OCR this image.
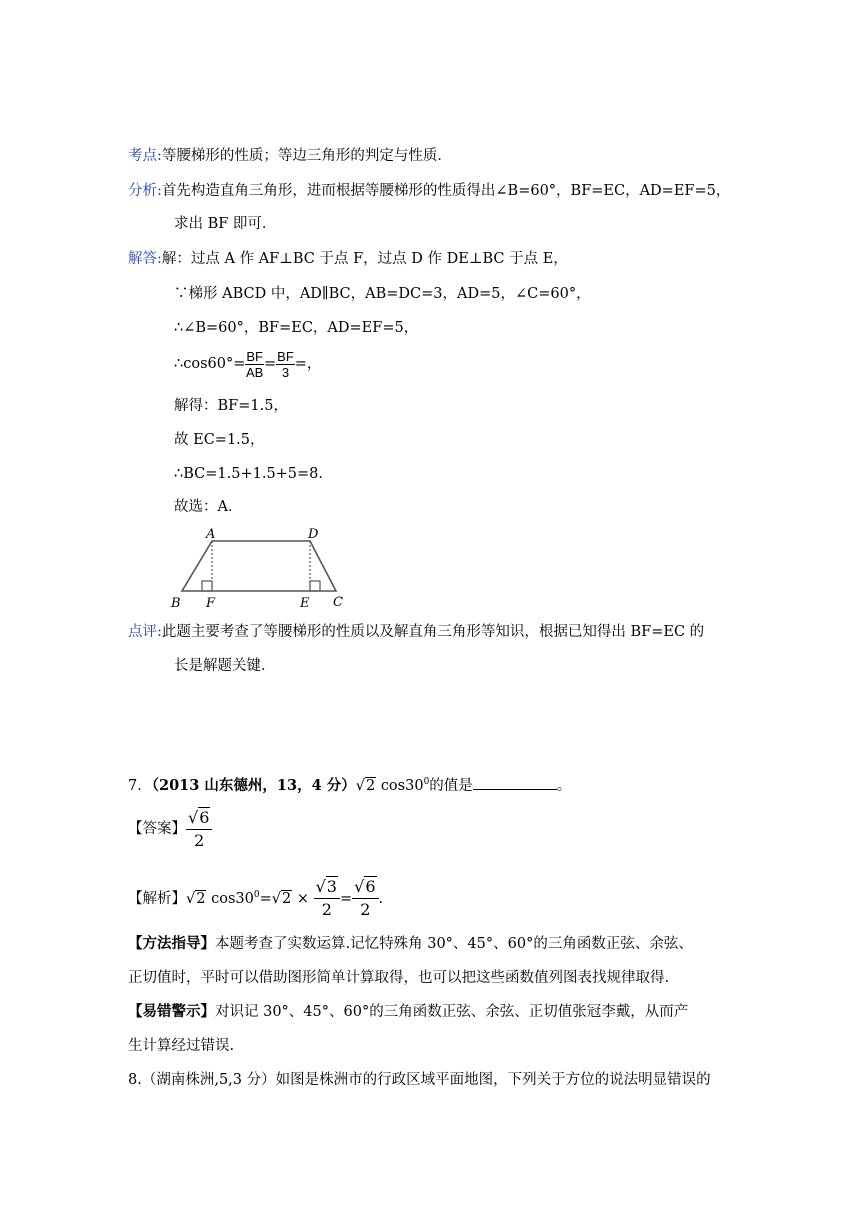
考点:等腰梯形的性质；等边三角形的判定与性质．
分析:首先构造直角三角形，进而根据等腰梯形的性质得出∠B=60°，BF=EC，AD=EF=5，
求出 BF 即可．
解答:解：过点 A 作 AF⊥BC 于点 F，过点 D 作 DE⊥BC 于点 E，
∵梯形 ABCD 中，AD∥BC，AB=DC=3，AD=5，∠C=60°，
∴∠B=60°，BF=EC，AD=EF=5，
∴cos60°= $\frac{BF}{AB} = \frac{BF}{3}$ =，
解得：BF=1.5，
故 EC=1.5，
∴BC=1.5+1.5+5=8．
故选：A．
A	D
B F	E C
点评:此题主要考查了等腰梯形的性质以及解直角三角形等知识，根据已知得出 BF=EC 的
长是解题关键．
7．（2013 山东德州，13，4 分）√2 $\cos 30^0$的值是	。
【答案】 $\frac{√6}{2}$
【解析】√2 $\cos 30^0=√2 \times \frac{√3}{2} = \frac{√6}{2}$ .
【方法指导】本题考查了实数运算.记忆特殊角 30°、45°、60°的三角函数正弦、余弦、
正切值时，平时可以借助图形简单计算取得，也可以把这些函数值列图表找规律取得.
【易错警示】对识记 30°、45°、60°的三角函数正弦、余弦、正切值张冠李戴，从而产
生计算经过错误.
8.（湖南株洲,5,3 分）如图是株洲市的行政区域平面地图，下列关于方位的说法明显错误的
